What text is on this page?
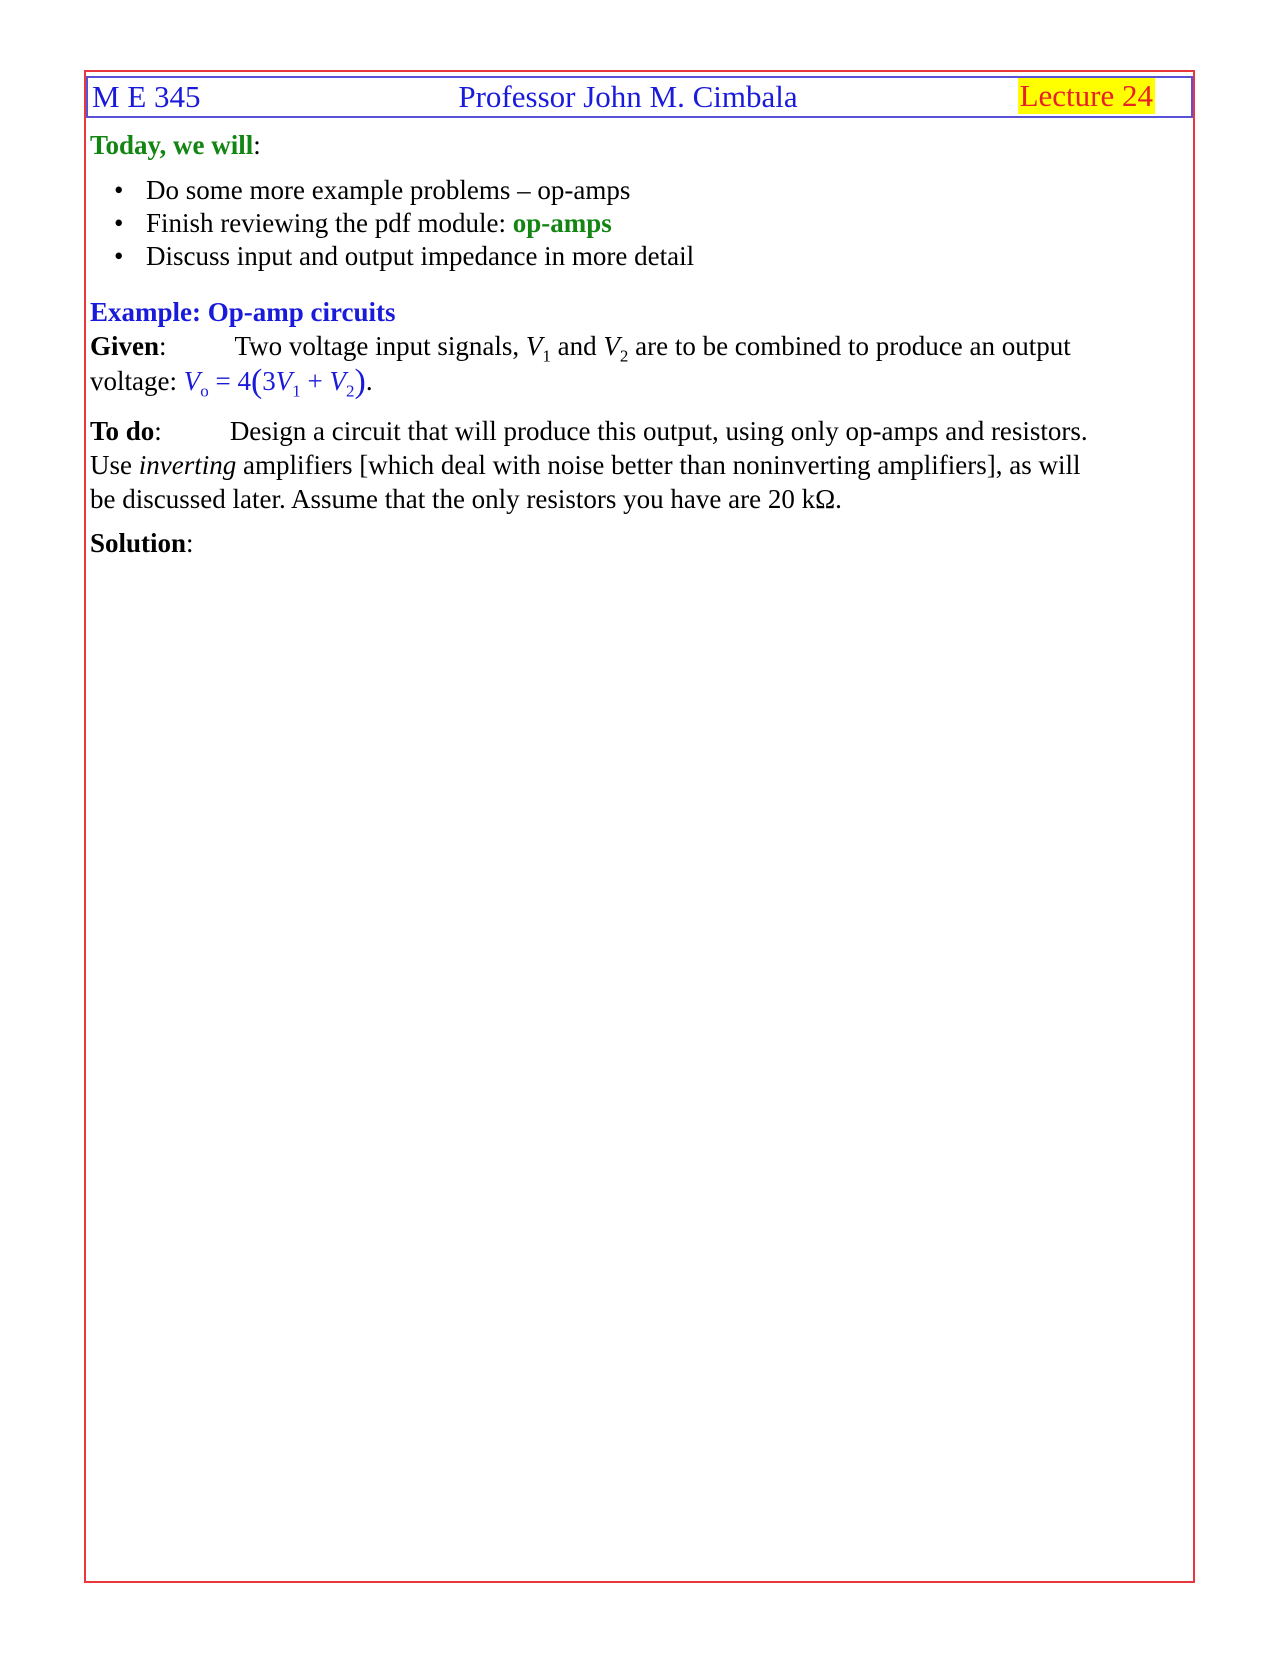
M E 345	Professor John M. Cimbala	Lecture 24
Today, we will:
• Do some more example problems – op-amps
• Finish reviewing the pdf module: op-amps
• Discuss input and output impedance in more detail
Example: Op-amp circuits
Given:	Two voltage input signals, $V_1$ and $V_2$ are to be combined to produce an output
voltage: $V_o = 4(3V_1 + V_2)$.
To do:	Design a circuit that will produce this output, using only op-amps and resistors.
Use inverting amplifiers [which deal with noise better than noninverting amplifiers], as will
be discussed later. Assume that the only resistors you have are 20 kΩ.
Solution:
